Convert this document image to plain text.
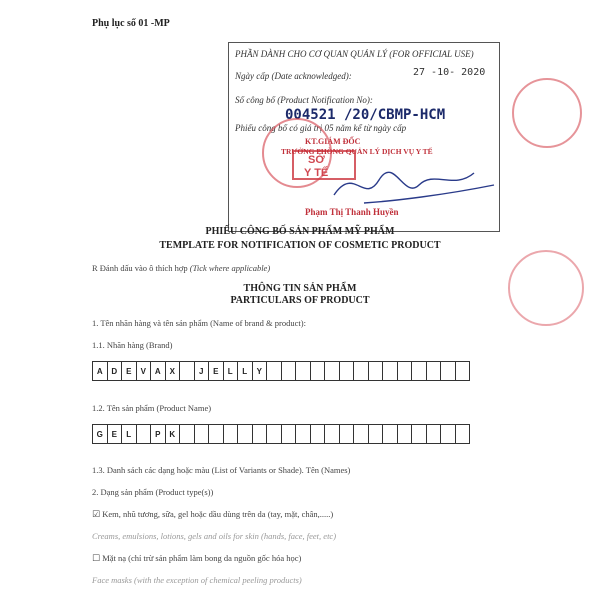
Phụ lục số 01 -MP
PHẦN DÀNH CHO CƠ QUAN QUẢN LÝ (FOR OFFICIAL USE)
Ngày cấp (Date acknowledged):	27 -10- 2020
Số công bố (Product Notification No):
004521 /20/CBMP-HCM
Phiếu công bố có giá trị 05 năm kể từ ngày cấp
KT.GIÁM ĐỐC
TRƯỞNG PHÒNG QUẢN LÝ DỊCH VỤ Y TẾ
Phạm Thị Thanh Huyền
SỞ
Y TẾ
PHIẾU CÔNG BỐ SẢN PHẨM MỸ PHẨM
TEMPLATE FOR NOTIFICATION OF COSMETIC PRODUCT
R Đánh dấu vào ô thích hợp (Tick where applicable)
THÔNG TIN SẢN PHẨM
PARTICULARS OF PRODUCT
1. Tên nhãn hàng và tên sản phẩm (Name of brand & product):
1.1. Nhãn hàng (Brand)
A	D	E	V	A	X	J	E	L	L	Y
1.2. Tên sản phẩm (Product Name)
G	E	L	P	K
1.3. Danh sách các dạng hoặc màu (List of Variants or Shade). Tên (Names)
2. Dạng sản phẩm (Product type(s))
☑ Kem, nhũ tương, sữa, gel hoặc dầu dùng trên da (tay, mặt, chân,.....)
Creams, emulsions, lotions, gels and oils for skin (hands, face, feet, etc)
☐ Mặt nạ (chỉ trừ sản phẩm làm bong da nguồn gốc hóa học)
Face masks (with the exception of chemical peeling products)
